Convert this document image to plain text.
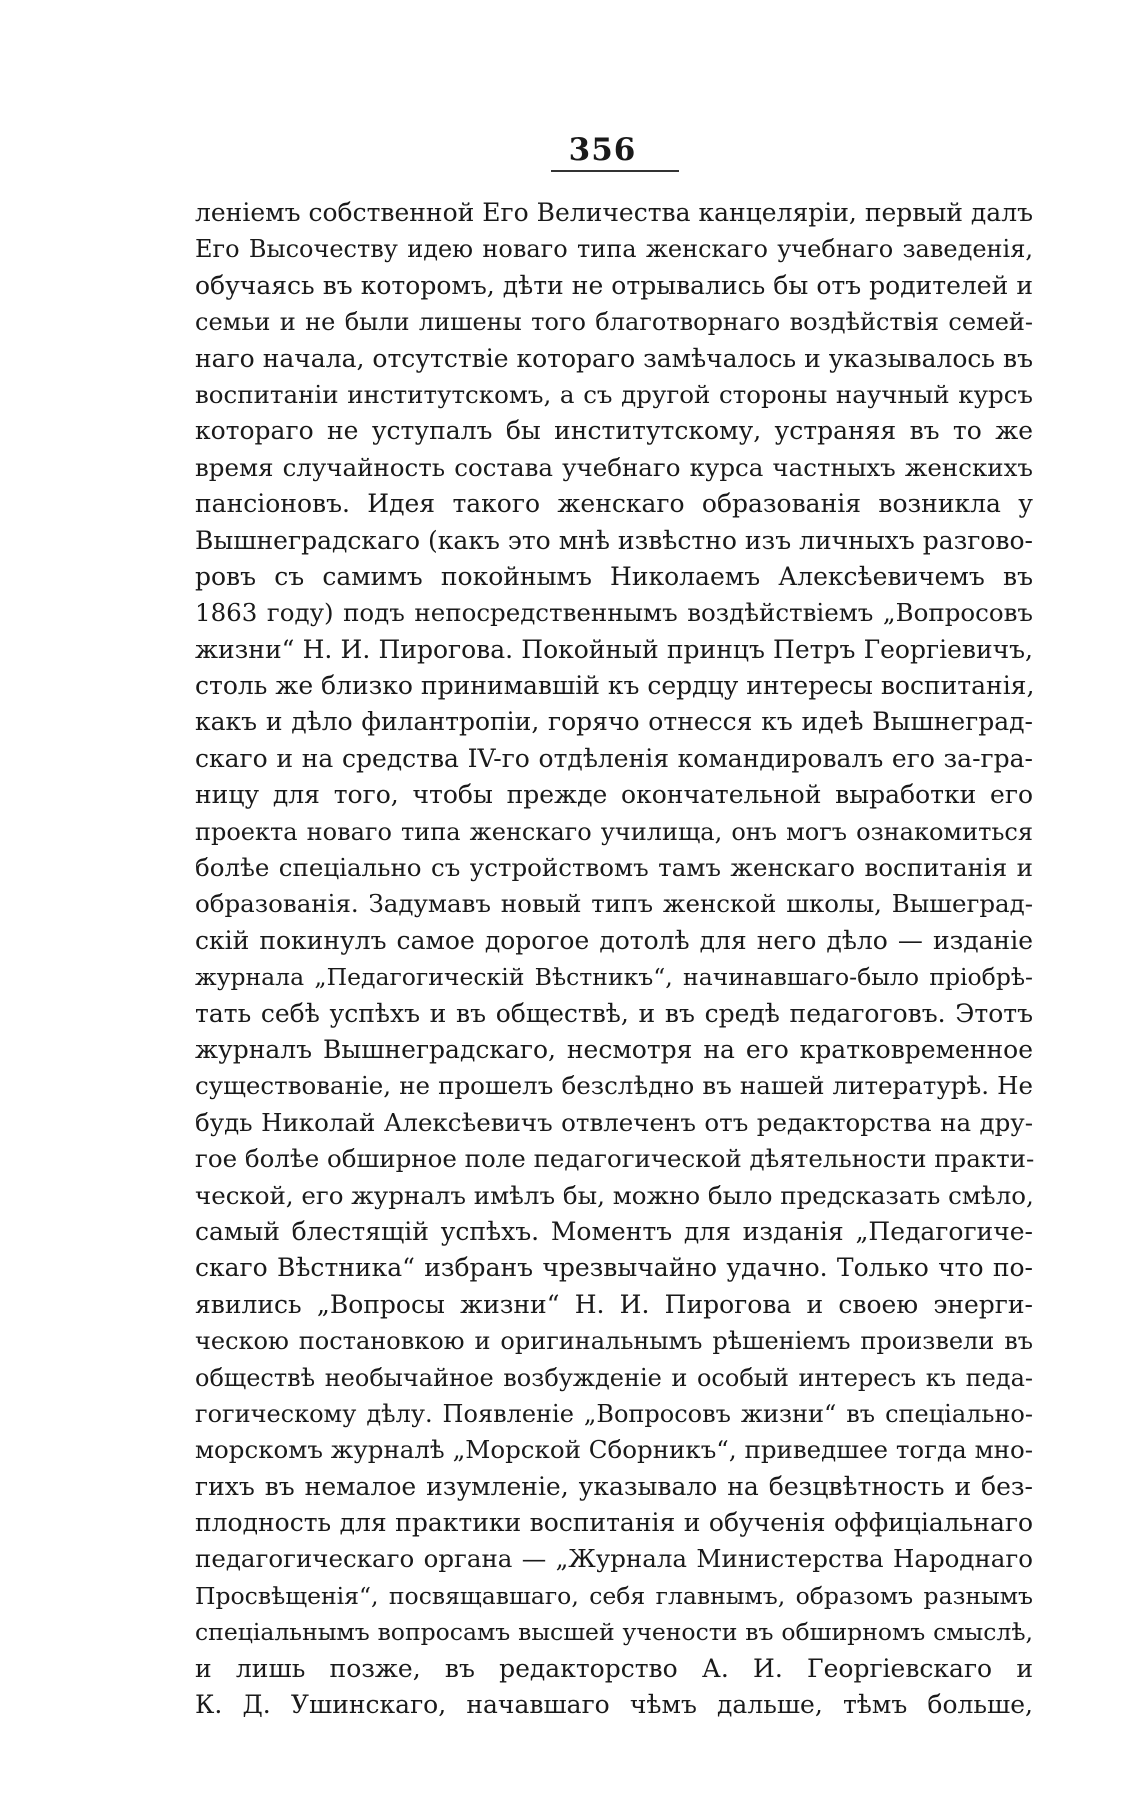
356
леніемъ собственной Его Величества канцеляріи, первый далъ
Его Высочеству идею новаго типа женскаго учебнаго заведенія,
обучаясь въ которомъ, дѣти не отрывались бы отъ родителей и
семьи и не были лишены того благотворнаго воздѣйствія семей-
наго начала, отсутствіе котораго замѣчалось и указывалось въ
воспитаніи институтскомъ, а съ другой стороны научный курсъ
котораго не уступалъ бы институтскому, устраняя въ то же
время случайность состава учебнаго курса частныхъ женскихъ
пансіоновъ. Идея такого женскаго образованія возникла у
Вышнеградскаго (какъ это мнѣ извѣстно изъ личныхъ разгово-
ровъ съ самимъ покойнымъ Николаемъ Алексѣевичемъ въ
1863 году) подъ непосредственнымъ воздѣйствіемъ „Вопросовъ
жизни“ Н. И. Пирогова. Покойный принцъ Петръ Георгіевичъ,
столь же близко принимавшій къ сердцу интересы воспитанія,
какъ и дѣло филантропіи, горячо отнесся къ идеѣ Вышнеград-
скаго и на средства IV-го отдѣленія командировалъ его за-гра-
ницу для того, чтобы прежде окончательной выработки его
проекта новаго типа женскаго училища, онъ могъ ознакомиться
болѣе спеціально съ устройствомъ тамъ женскаго воспитанія и
образованія. Задумавъ новый типъ женской школы, Вышеград-
скій покинулъ самое дорогое дотолѣ для него дѣло — изданіе
журнала „Педагогическій Вѣстникъ“, начинавшаго-было пріобрѣ-
тать себѣ успѣхъ и въ обществѣ, и въ средѣ педагоговъ. Этотъ
журналъ Вышнеградскаго, несмотря на его кратковременное
существованіе, не прошелъ безслѣдно въ нашей литературѣ. Не
будь Николай Алексѣевичъ отвлеченъ отъ редакторства на дру-
гое болѣе обширное поле педагогической дѣятельности практи-
ческой, его журналъ имѣлъ бы, можно было предсказать смѣло,
самый блестящій успѣхъ. Моментъ для изданія „Педагогиче-
скаго Вѣстника“ избранъ чрезвычайно удачно. Только что по-
явились „Вопросы жизни“ Н. И. Пирогова и своею энерги-
ческою постановкою и оригинальнымъ рѣшеніемъ произвели въ
обществѣ необычайное возбужденіе и особый интересъ къ педа-
гогическому дѣлу. Появленіе „Вопросовъ жизни“ въ спеціально-
морскомъ журналѣ „Морской Сборникъ“, приведшее тогда мно-
гихъ въ немалое изумленіе, указывало на безцвѣтность и без-
плодность для практики воспитанія и обученія оффиціальнаго
педагогическаго органа — „Журнала Министерства Народнаго
Просвѣщенія“, посвящавшаго, себя главнымъ, образомъ разнымъ
спеціальнымъ вопросамъ высшей учености въ обширномъ смыслѣ,
и лишь позже, въ редакторство А. И. Георгіевскаго и
К. Д. Ушинскаго, начавшаго чѣмъ дальше, тѣмъ больше,
